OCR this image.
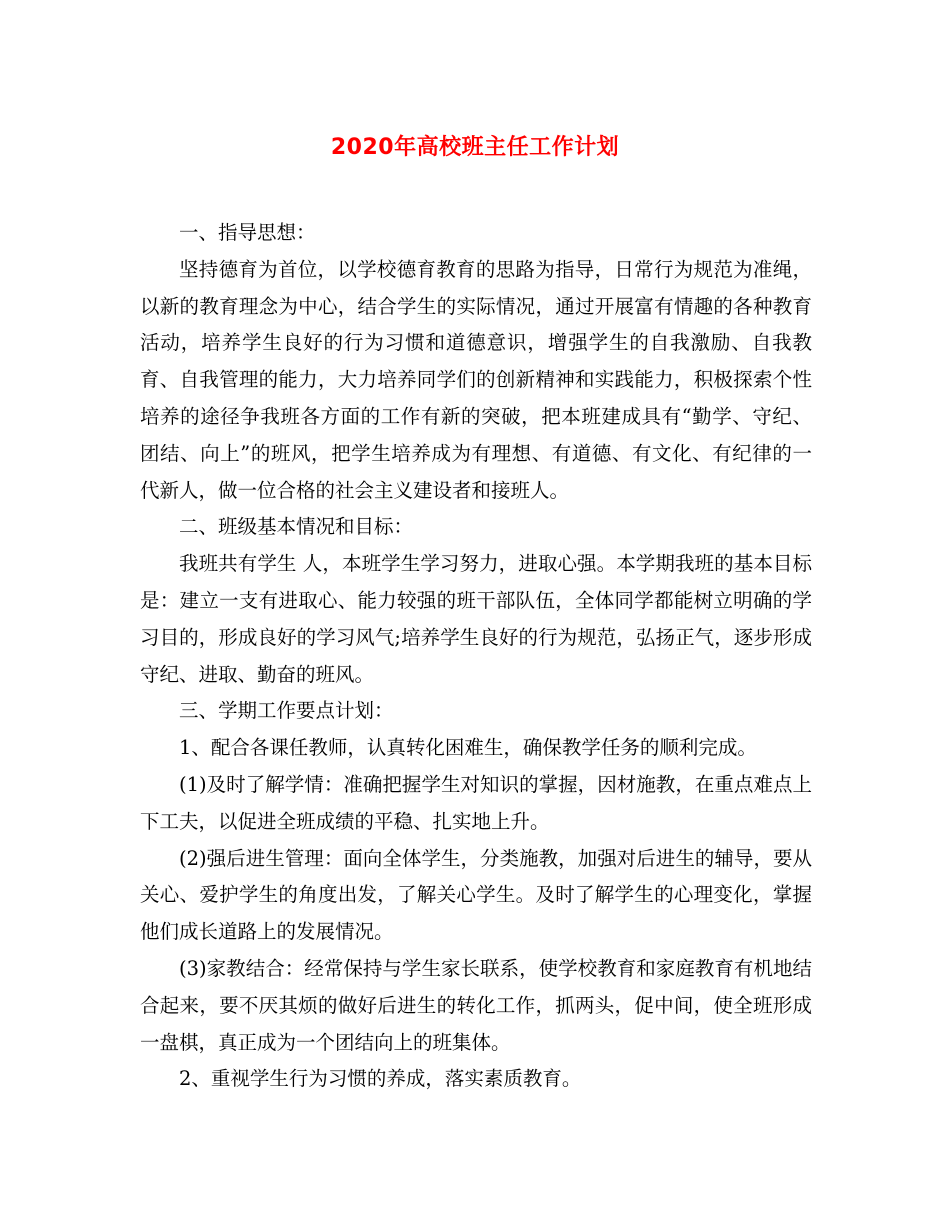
2020年高校班主任工作计划

一、指导思想：

坚持德育为首位，以学校德育教育的思路为指导，日常行为规范为准绳，以新的教育理念为中心，结合学生的实际情况，通过开展富有情趣的各种教育活动，培养学生良好的行为习惯和道德意识，增强学生的自我激励、自我教育、自我管理的能力，大力培养同学们的创新精神和实践能力，积极探索个性培养的途径争我班各方面的工作有新的突破，把本班建成具有“勤学、守纪、团结、向上”的班风，把学生培养成为有理想、有道德、有文化、有纪律的一代新人，做一位合格的社会主义建设者和接班人。

二、班级基本情况和目标：

我班共有学生 人，本班学生学习努力，进取心强。本学期我班的基本目标是：建立一支有进取心、能力较强的班干部队伍，全体同学都能树立明确的学习目的，形成良好的学习风气;培养学生良好的行为规范，弘扬正气，逐步形成守纪、进取、勤奋的班风。

三、学期工作要点计划：

1、配合各课任教师，认真转化困难生，确保教学任务的顺利完成。

(1)及时了解学情：准确把握学生对知识的掌握，因材施教，在重点难点上下工夫，以促进全班成绩的平稳、扎实地上升。

(2)强后进生管理：面向全体学生，分类施教，加强对后进生的辅导，要从关心、爱护学生的角度出发，了解关心学生。及时了解学生的心理变化，掌握他们成长道路上的发展情况。

(3)家教结合：经常保持与学生家长联系，使学校教育和家庭教育有机地结合起来，要不厌其烦的做好后进生的转化工作，抓两头，促中间，使全班形成一盘棋，真正成为一个团结向上的班集体。

2、重视学生行为习惯的养成，落实素质教育。
